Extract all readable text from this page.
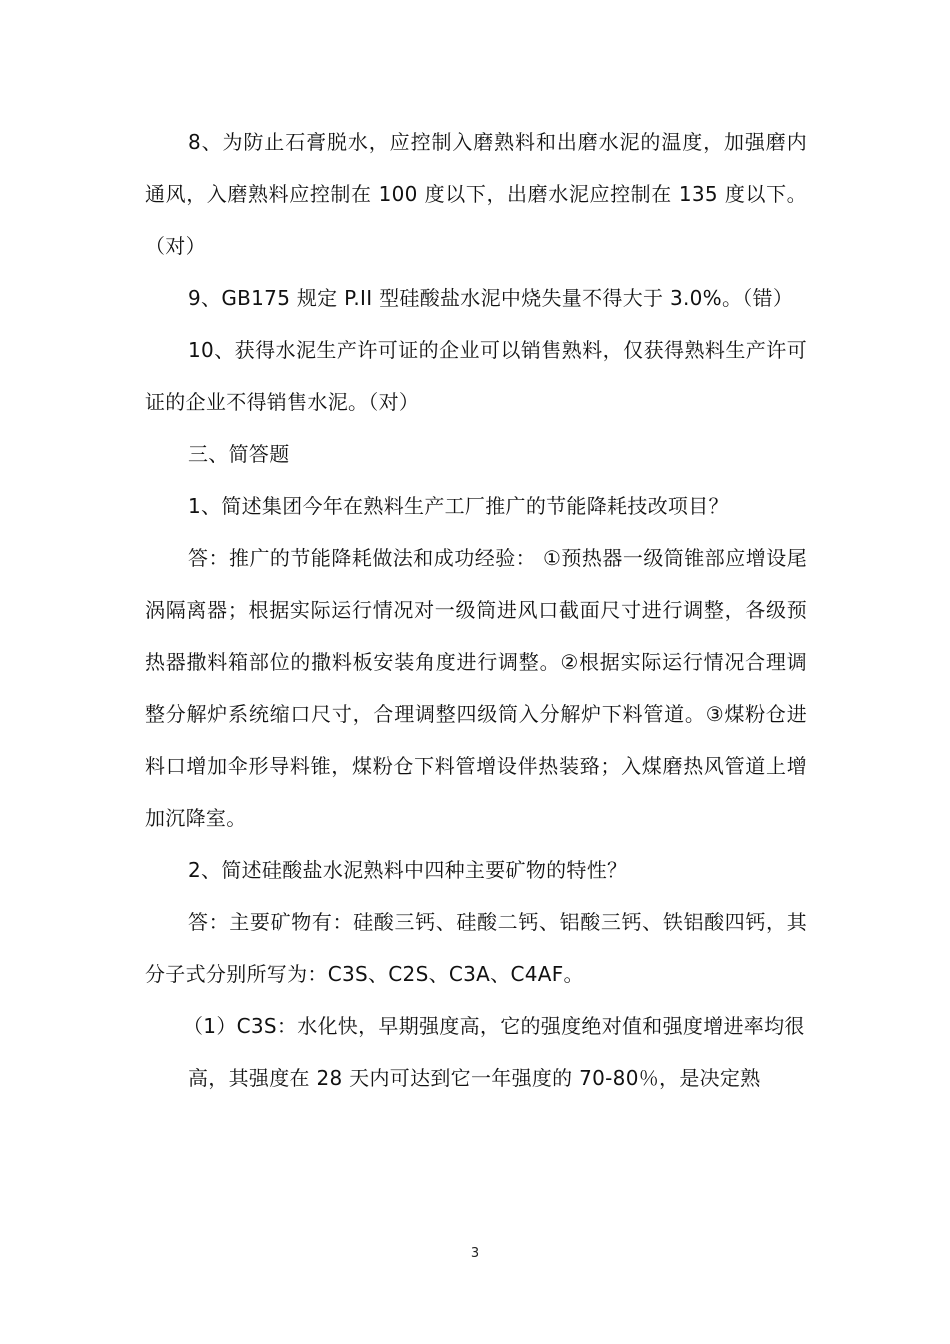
8、为防止石膏脱水，应控制入磨熟料和出磨水泥的温度，加强磨内通风，入磨熟料应控制在 100 度以下，出磨水泥应控制在 135 度以下。（对）

9、GB175 规定 P.II 型硅酸盐水泥中烧失量不得大于 3.0%。（错）

10、获得水泥生产许可证的企业可以销售熟料，仅获得熟料生产许可证的企业不得销售水泥。（对）

三、简答题

1、简述集团今年在熟料生产工厂推广的节能降耗技改项目？

答：推广的节能降耗做法和成功经验： ①预热器一级筒锥部应增设尾涡隔离器；根据实际运行情况对一级筒进风口截面尺寸进行调整，各级预热器撒料箱部位的撒料板安装角度进行调整。②根据实际运行情况合理调整分解炉系统缩口尺寸，合理调整四级筒入分解炉下料管道。③煤粉仓进料口增加伞形导料锥，煤粉仓下料管增设伴热装臵；入煤磨热风管道上增加沉降室。

2、简述硅酸盐水泥熟料中四种主要矿物的特性？

答：主要矿物有：硅酸三钙、硅酸二钙、铝酸三钙、铁铝酸四钙，其分子式分别所写为：C3S、C2S、C3A、C4AF。

（1）C3S：水化快，早期强度高，它的强度绝对值和强度增进率均很

高，其强度在 28 天内可达到它一年强度的 70-80％，是决定熟

3
